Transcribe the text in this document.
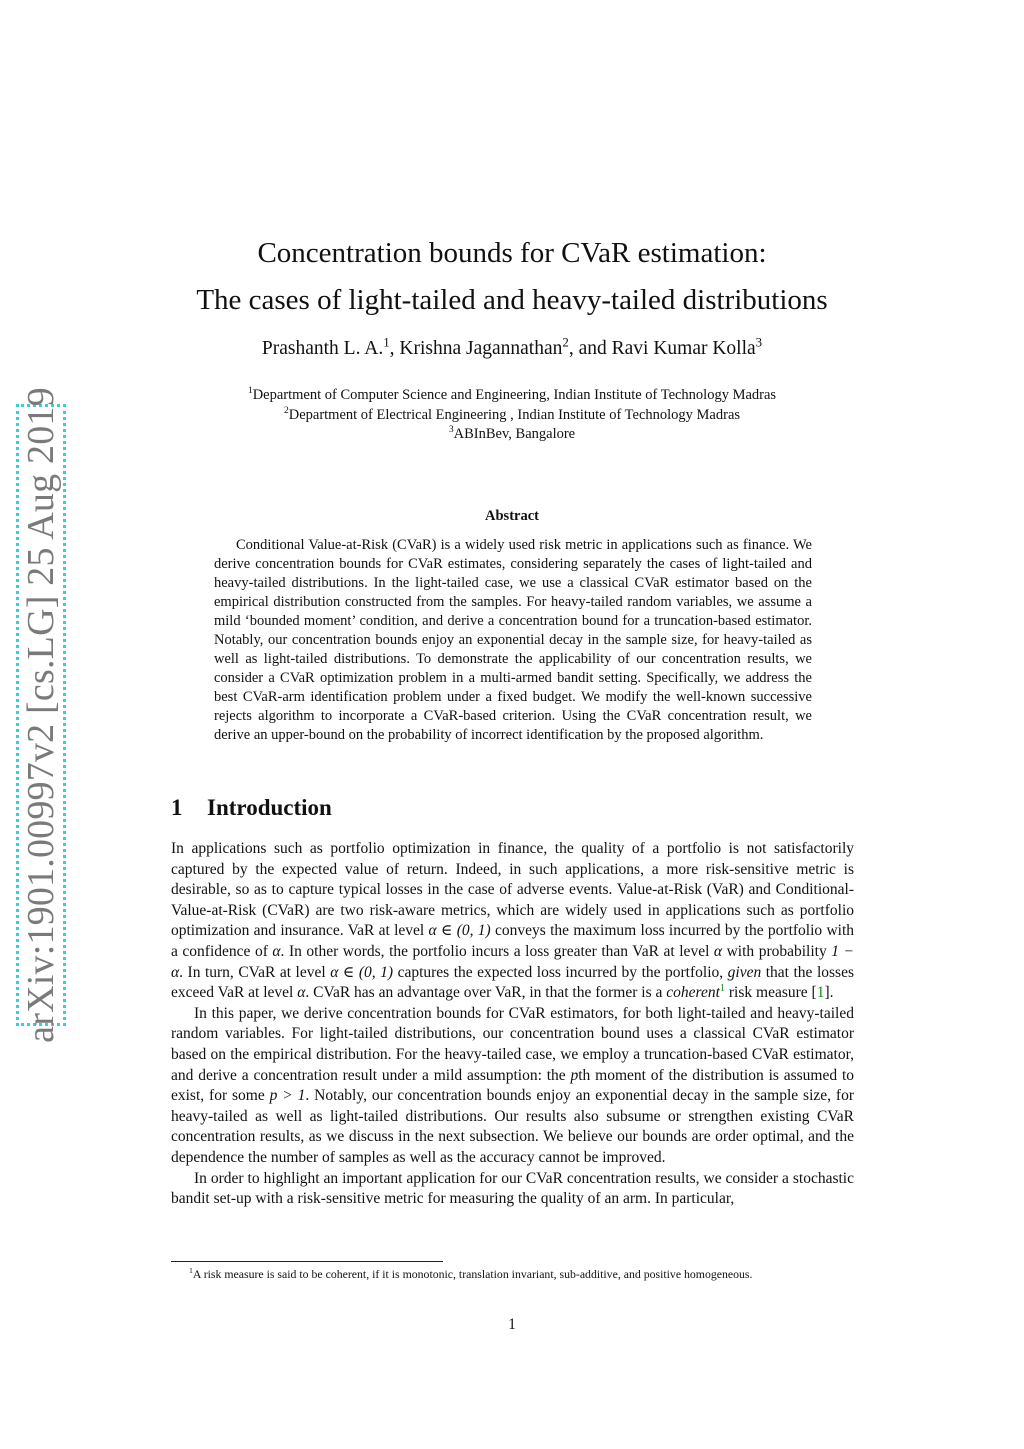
arXiv:1901.00997v2 [cs.LG] 25 Aug 2019
Concentration bounds for CVaR estimation:
The cases of light-tailed and heavy-tailed distributions
Prashanth L. A.$^1$, Krishna Jagannathan$^2$, and Ravi Kumar Kolla$^3$
$^1$Department of Computer Science and Engineering, Indian Institute of Technology Madras
$^2$Department of Electrical Engineering , Indian Institute of Technology Madras
$^3$ABInBev, Bangalore
Abstract

Conditional Value-at-Risk (CVaR) is a widely used risk metric in applications such as finance. We derive concentration bounds for CVaR estimates, considering separately the cases of light-tailed and heavy-tailed distributions. In the light-tailed case, we use a classical CVaR estimator based on the empirical distribution constructed from the samples. For heavy-tailed random variables, we assume a mild ‘bounded moment’ condition, and derive a concentration bound for a truncation-based estimator. Notably, our concentration bounds enjoy an exponential decay in the sample size, for heavy-tailed as well as light-tailed distributions. To demonstrate the applicability of our concentration results, we consider a CVaR optimization problem in a multi-armed bandit setting. Specifically, we address the best CVaR-arm identification problem under a fixed budget. We modify the well-known successive rejects algorithm to incorporate a CVaR-based criterion. Using the CVaR concentration result, we derive an upper-bound on the probability of incorrect identification by the proposed algorithm.

1 Introduction

In applications such as portfolio optimization in finance, the quality of a portfolio is not satisfactorily captured by the expected value of return. Indeed, in such applications, a more risk-sensitive metric is desirable, so as to capture typical losses in the case of adverse events. Value-at-Risk (VaR) and Conditional-Value-at-Risk (CVaR) are two risk-aware metrics, which are widely used in applications such as portfolio optimization and insurance. VaR at level α ∈ (0, 1) conveys the maximum loss incurred by the portfolio with a confidence of α. In other words, the portfolio incurs a loss greater than VaR at level α with probability 1 − α. In turn, CVaR at level α ∈ (0, 1) captures the expected loss incurred by the portfolio, given that the losses exceed VaR at level α. CVaR has an advantage over VaR, in that the former is a coherent$^1$ risk measure [1].

In this paper, we derive concentration bounds for CVaR estimators, for both light-tailed and heavy-tailed random variables. For light-tailed distributions, our concentration bound uses a classical CVaR estimator based on the empirical distribution. For the heavy-tailed case, we employ a truncation-based CVaR estimator, and derive a concentration result under a mild assumption: the pth moment of the distribution is assumed to exist, for some p > 1. Notably, our concentration bounds enjoy an exponential decay in the sample size, for heavy-tailed as well as light-tailed distributions. Our results also subsume or strengthen existing CVaR concentration results, as we discuss in the next subsection. We believe our bounds are order optimal, and the dependence the number of samples as well as the accuracy cannot be improved.

In order to highlight an important application for our CVaR concentration results, we consider a stochastic bandit set-up with a risk-sensitive metric for measuring the quality of an arm. In particular,

$^1$A risk measure is said to be coherent, if it is monotonic, translation invariant, sub-additive, and positive homogeneous.
1
